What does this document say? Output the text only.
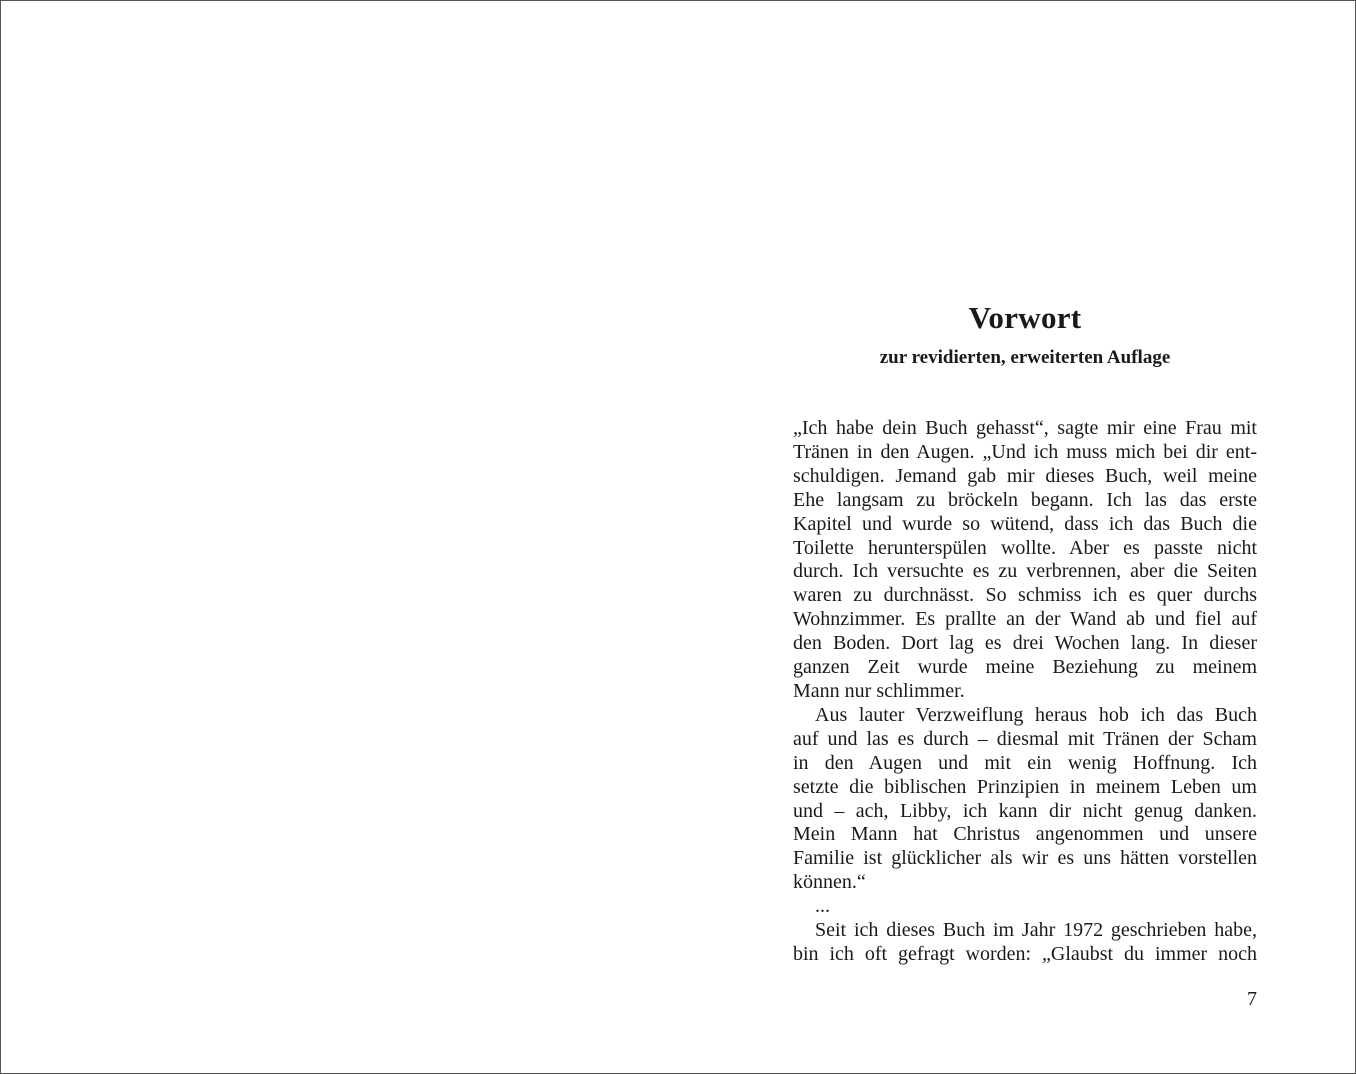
Vorwort
zur revidierten, erweiterten Auflage
„Ich habe dein Buch gehasst“, sagte mir eine Frau mit
Tränen in den Augen. „Und ich muss mich bei dir ent-
schuldigen. Jemand gab mir dieses Buch, weil meine
Ehe langsam zu bröckeln begann. Ich las das erste
Kapitel und wurde so wütend, dass ich das Buch die
Toilette herunterspülen wollte. Aber es passte nicht
durch. Ich versuchte es zu verbrennen, aber die Seiten
waren zu durchnässt. So schmiss ich es quer durchs
Wohnzimmer. Es prallte an der Wand ab und fiel auf
den Boden. Dort lag es drei Wochen lang. In dieser
ganzen Zeit wurde meine Beziehung zu meinem
Mann nur schlimmer.
Aus lauter Verzweiflung heraus hob ich das Buch
auf und las es durch – diesmal mit Tränen der Scham
in den Augen und mit ein wenig Hoffnung. Ich
setzte die biblischen Prinzipien in meinem Leben um
und – ach, Libby, ich kann dir nicht genug danken.
Mein Mann hat Christus angenommen und unsere
Familie ist glücklicher als wir es uns hätten vorstellen
können.“
...
Seit ich dieses Buch im Jahr 1972 geschrieben habe,
bin ich oft gefragt worden: „Glaubst du immer noch
7
